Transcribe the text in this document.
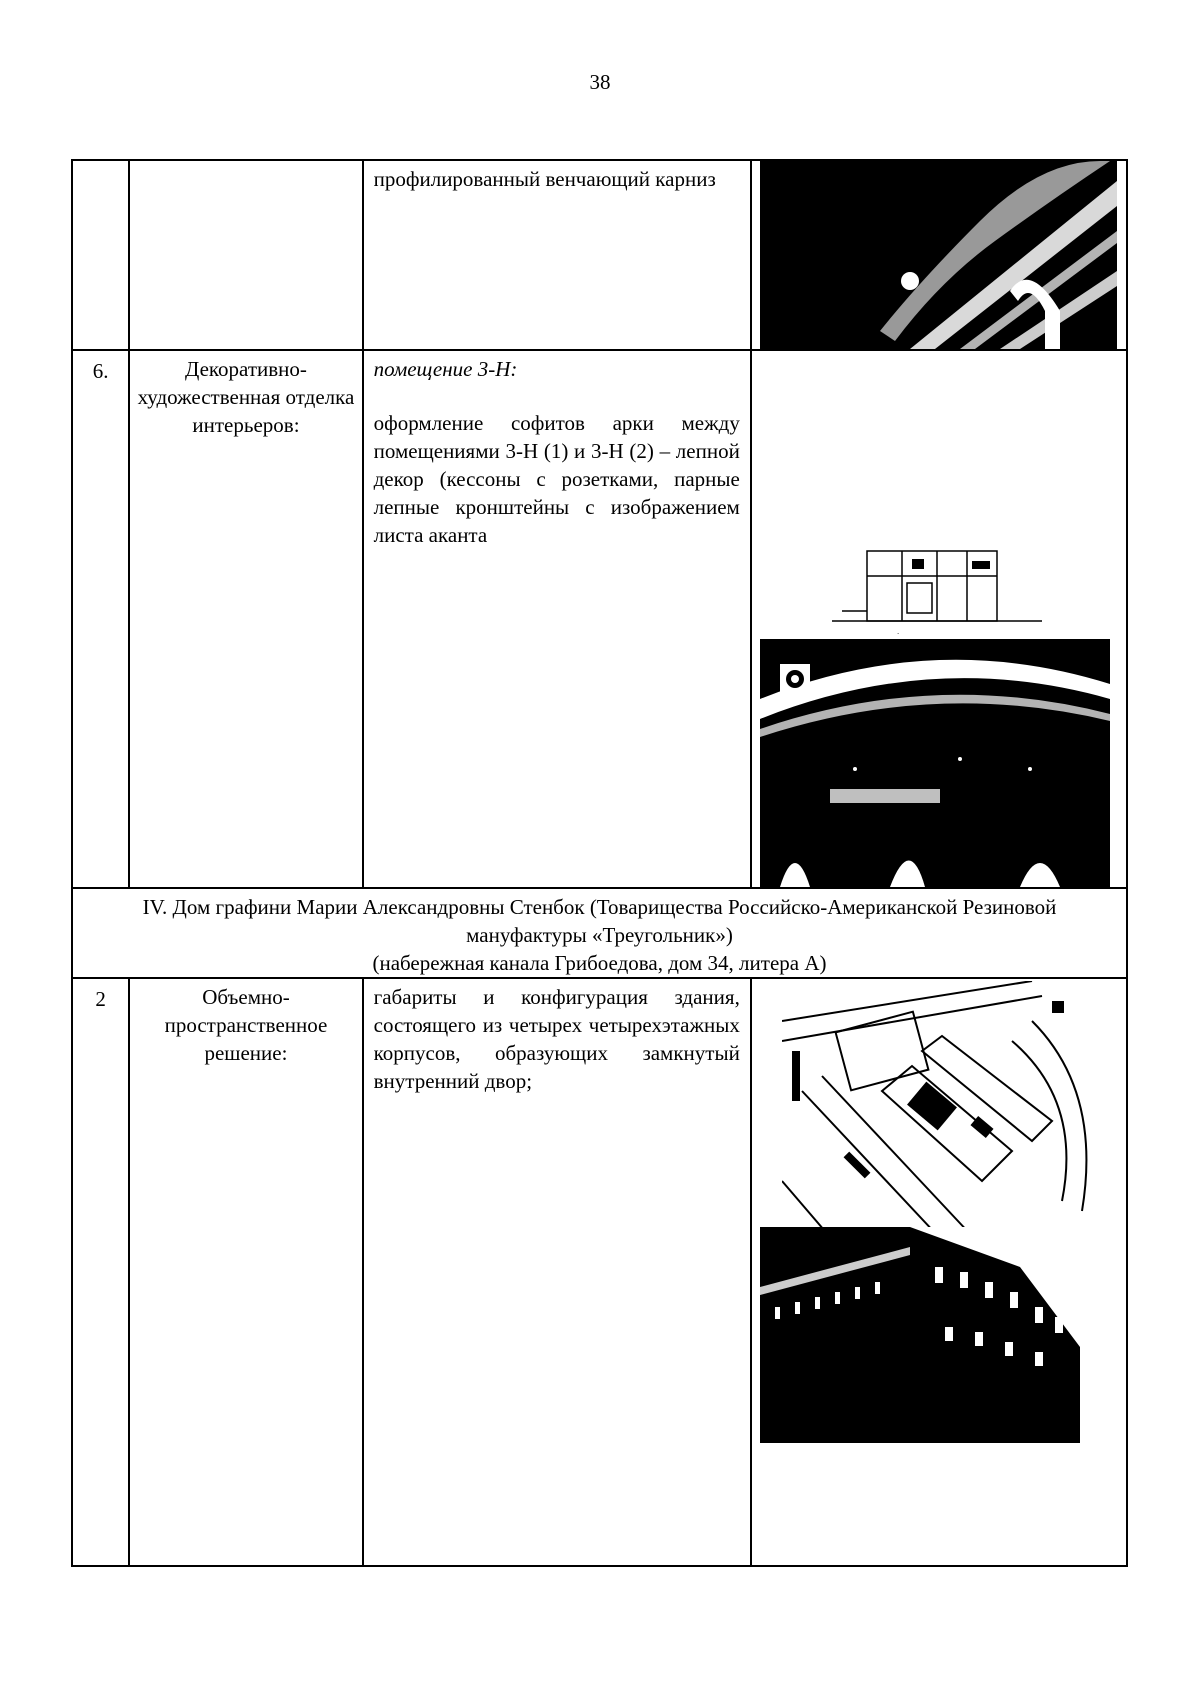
38

		профилированный венчающий карниз

6.	Декоративно-художественная отделка интерьеров:	помещение 3-Н:

оформление софитов арки между помещениями 3-Н (1) и 3-Н (2) – лепной декор (кессоны с розетками, парные лепные кронштейны с изображением листа аканта	·

IV. Дом графини Марии Александровны Стенбок (Товарищества Российско-Американской Резиновой мануфактуры «Треугольник»)
(набережная канала Грибоедова, дом 34, литера А)			

2	Объемно-пространственное решение:	габариты и конфигурация здания, состоящего из четырех четырехэтажных корпусов, образующих замкнутый внутренний двор;
